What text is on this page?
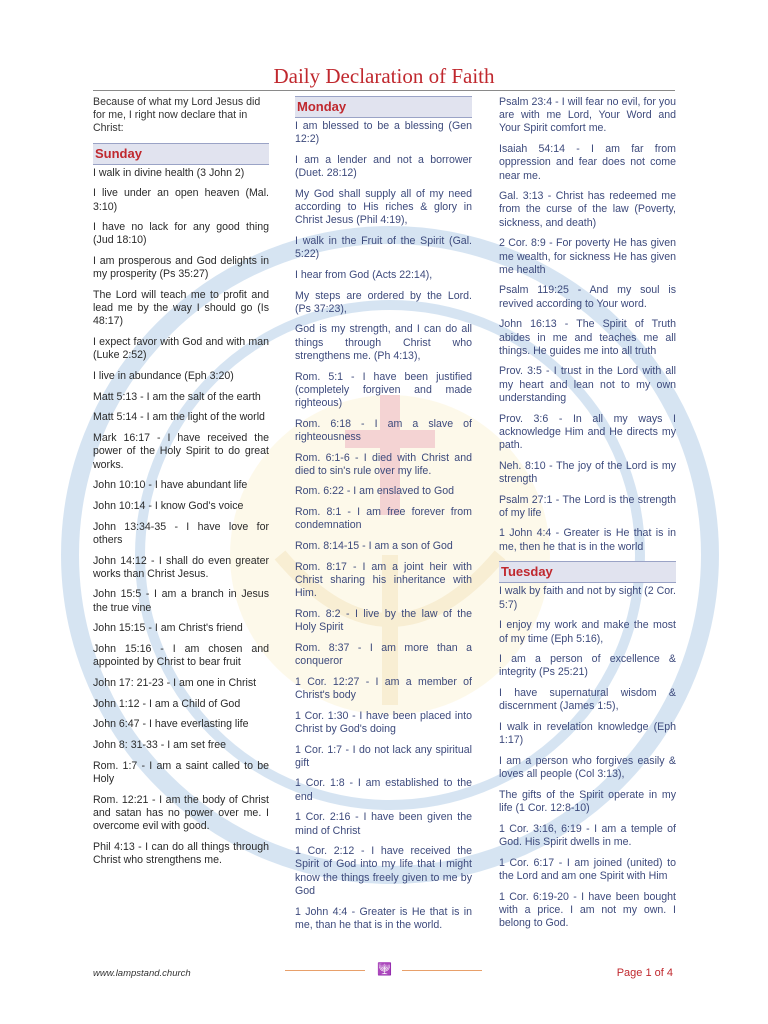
Daily Declaration of Faith
Because of what my Lord Jesus did for me, I right now declare that in Christ:
Sunday
I walk in divine health (3 John 2)
I live under an open heaven (Mal. 3:10)
I have no lack for any good thing (Jud 18:10)
I am prosperous and God delights in my prosperity (Ps 35:27)
The Lord will teach me to profit and lead me by the way I should go (Is 48:17)
I expect favor with God and with man (Luke 2:52)
I live in abundance (Eph 3:20)
Matt 5:13 - I am the salt of the earth
Matt 5:14 - I am the light of the world
Mark 16:17 - I have received the power of the Holy Spirit to do great works.
John 10:10 - I have abundant life
John 10:14 - I know God's voice
John 13:34-35 - I have love for others
John 14:12 - I shall do even greater works than Christ Jesus.
John 15:5 - I am a branch in Jesus the true vine
John 15:15 - I am Christ's friend
John 15:16 - I am chosen and appointed by Christ to bear fruit
John 17: 21-23 - I am one in Christ
John 1:12 - I am a Child of God
John 6:47 - I have everlasting life
John 8: 31-33 - I am set free
Rom. 1:7 - I am a saint called to be Holy
Rom. 12:21 - I am the body of Christ and satan has no power over me. I overcome evil with good.
Phil 4:13 - I can do all things through Christ who strengthens me.
Monday
I am blessed to be a blessing (Gen 12:2)
I am a lender and not a borrower (Duet. 28:12)
My God shall supply all of my need according to His riches & glory in Christ Jesus (Phil 4:19),
I walk in the Fruit of the Spirit (Gal. 5:22)
I hear from God (Acts 22:14),
My steps are ordered by the Lord. (Ps 37:23),
God is my strength, and I can do all things through Christ who strengthens me. (Ph 4:13),
Rom. 5:1 - I have been justified (completely forgiven and made righteous)
Rom. 6:18 - I am a slave of righteousness
Rom. 6:1-6 - I died with Christ and died to sin's rule over my life.
Rom. 6:22 - I am enslaved to God
Rom. 8:1 - I am free forever from condemnation
Rom. 8:14-15 - I am a son of God
Rom. 8:17 - I am a joint heir with Christ sharing his inheritance with Him.
Rom. 8:2 - I live by the law of the Holy Spirit
Rom. 8:37 - I am more than a conqueror
1 Cor. 12:27 - I am a member of Christ's body
1 Cor. 1:30 - I have been placed into Christ by God's doing
1 Cor. 1:7 - I do not lack any spiritual gift
1 Cor. 1:8 - I am established to the end
1 Cor. 2:16 - I have been given the mind of Christ
1 Cor. 2:12 - I have received the Spirit of God into my life that I might know the things freely given to me by God
1 John 4:4 - Greater is He that is in me, than he that is in the world.
Psalm 23:4 - I will fear no evil, for you are with me Lord, Your Word and Your Spirit comfort me.
Isaiah 54:14 - I am far from oppression and fear does not come near me.
Gal. 3:13 - Christ has redeemed me from the curse of the law (Poverty, sickness, and death)
2 Cor. 8:9 - For poverty He has given me wealth, for sickness He has given me health
Psalm 119:25 - And my soul is revived according to Your word.
John 16:13 - The Spirit of Truth abides in me and teaches me all things. He guides me into all truth
Prov. 3:5 - I trust in the Lord with all my heart and lean not to my own understanding
Prov. 3:6 - In all my ways I acknowledge Him and He directs my path.
Neh. 8:10 - The joy of the Lord is my strength
Psalm 27:1 - The Lord is the strength of my life
1 John 4:4 - Greater is He that is in me, then he that is in the world
Tuesday
I walk by faith and not by sight (2 Cor. 5:7)
I enjoy my work and make the most of my time (Eph 5:16),
I am a person of excellence & integrity (Ps 25:21)
I have supernatural wisdom & discernment (James 1:5),
I walk in revelation knowledge (Eph 1:17)
I am a person who forgives easily & loves all people (Col 3:13),
The gifts of the Spirit operate in my life (1 Cor. 12:8-10)
1 Cor. 3:16, 6:19 - I am a temple of God. His Spirit dwells in me.
1 Cor. 6:17 - I am joined (united) to the Lord and am one Spirit with Him
1 Cor. 6:19-20 - I have been bought with a price. I am not my own. I belong to God.
www.lampstand.church	🕎	Page 1 of 4
